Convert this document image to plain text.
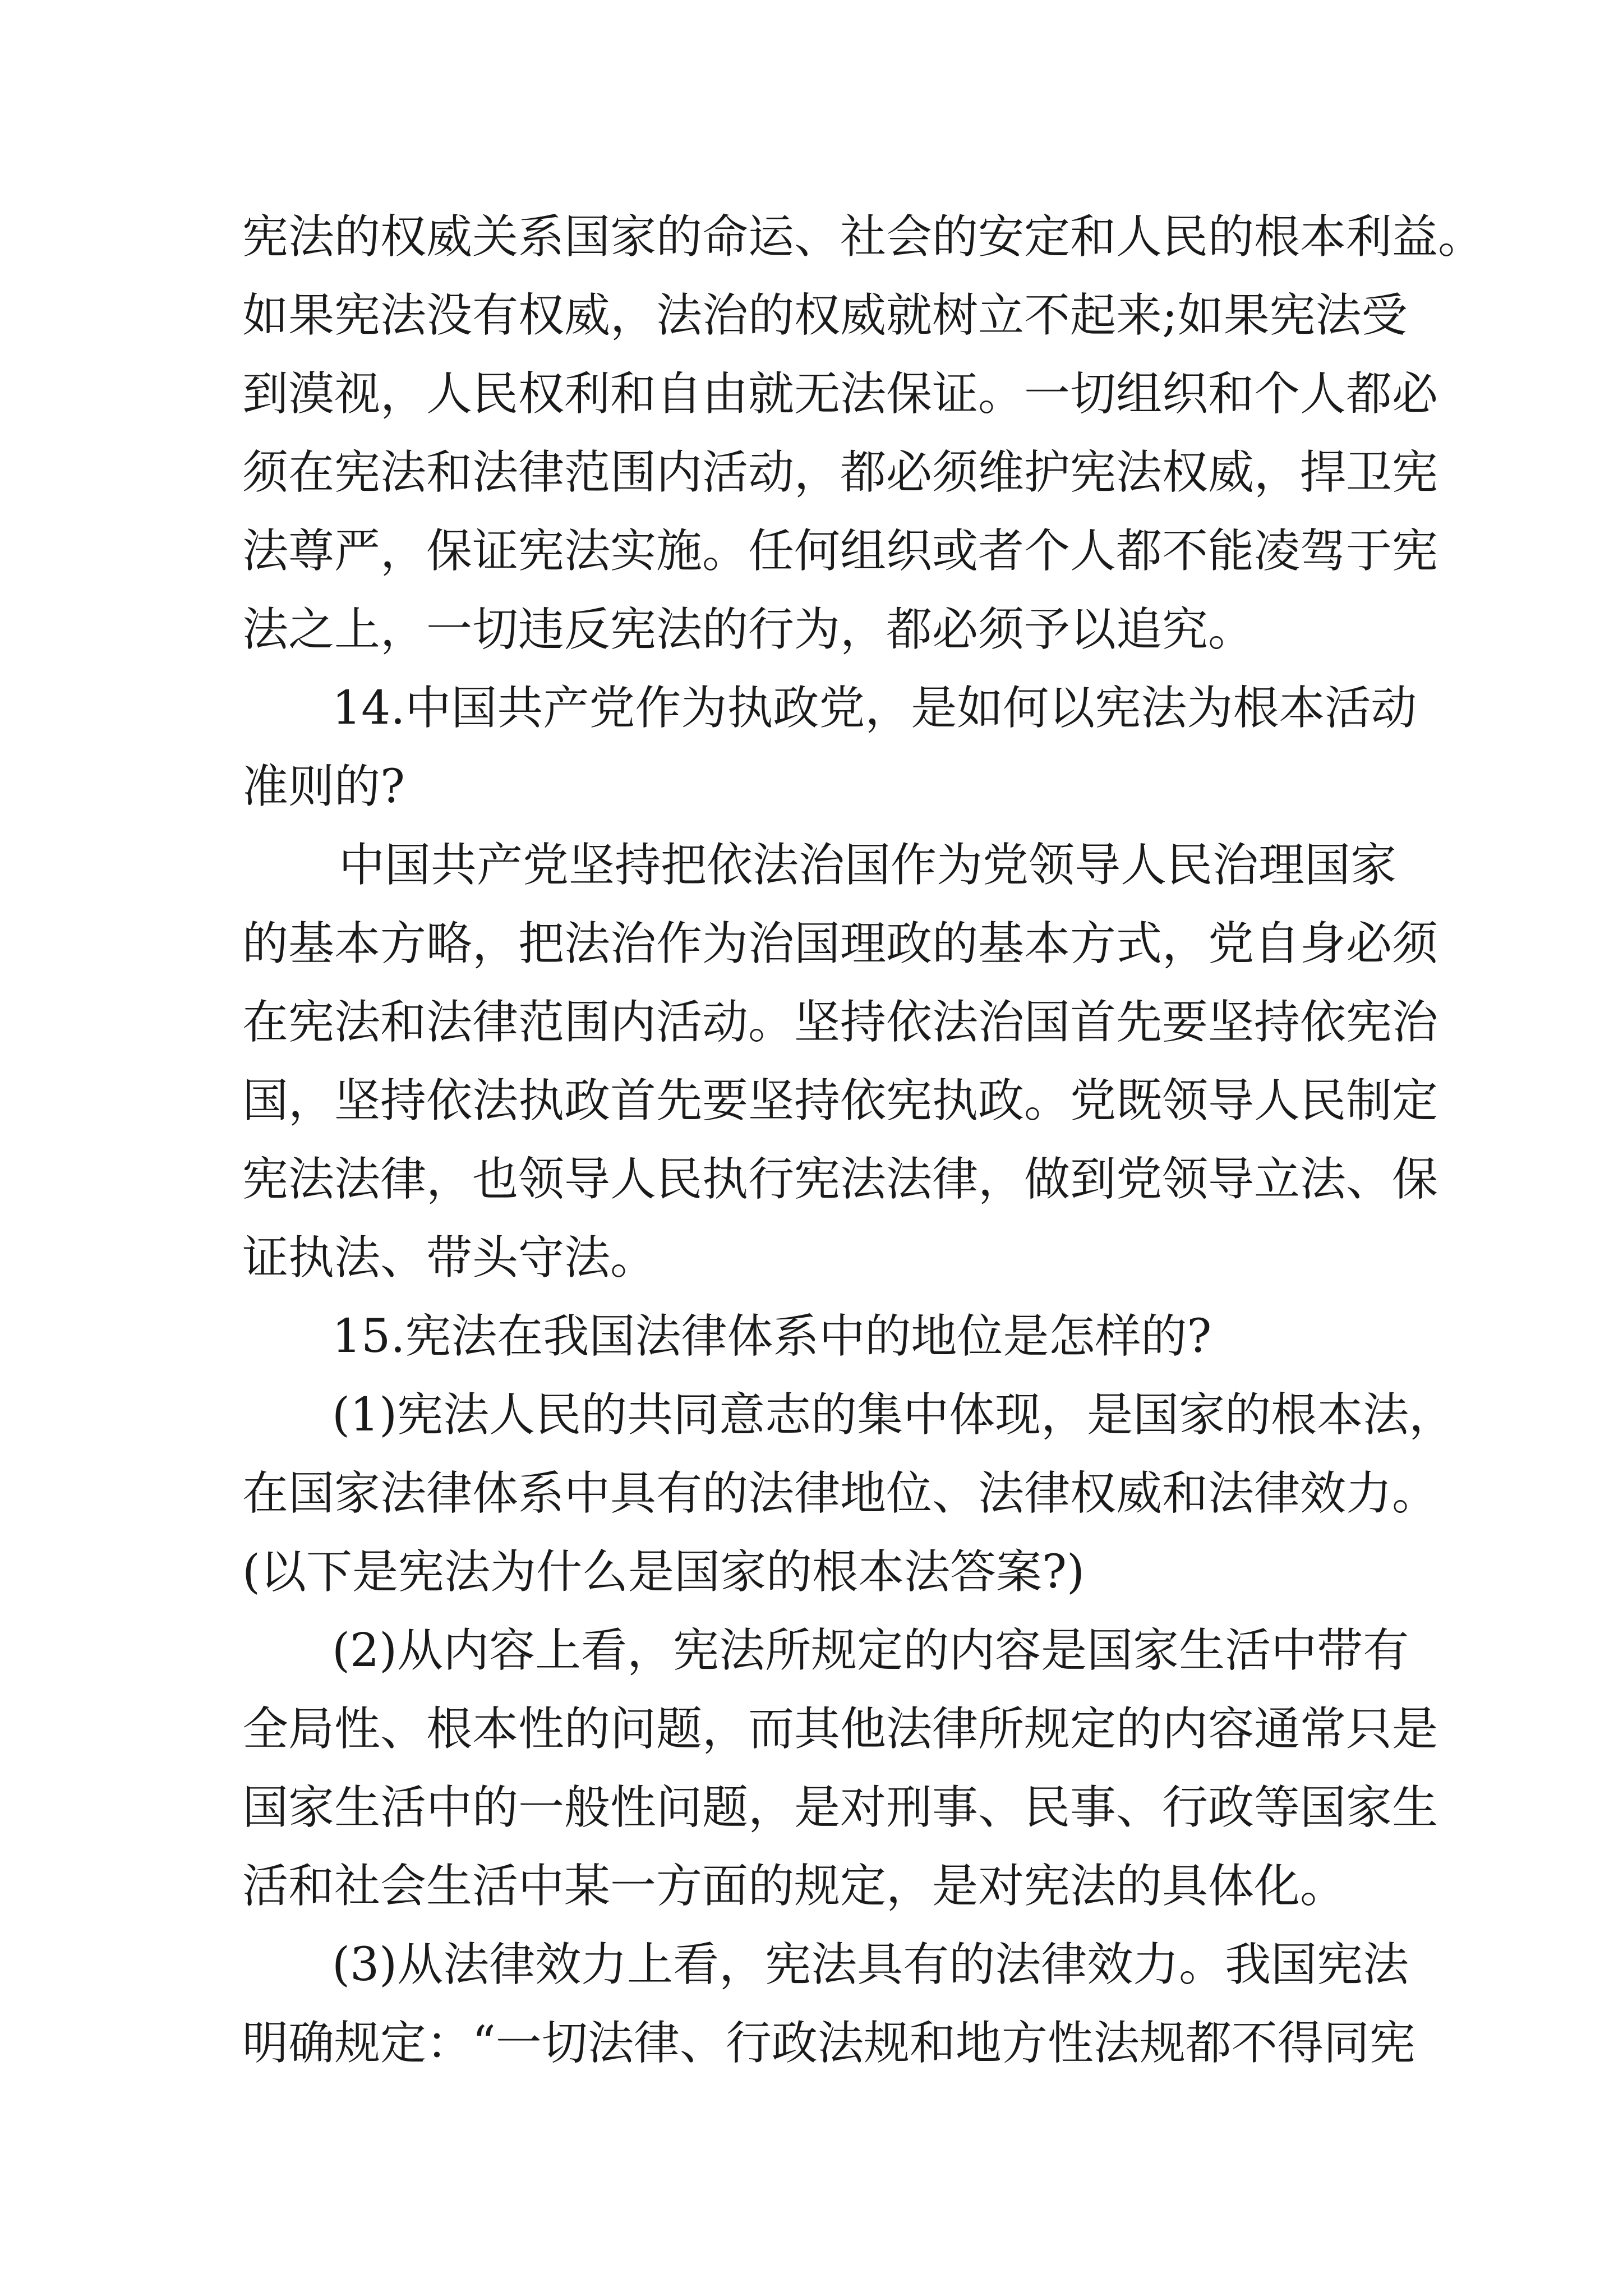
宪法的权威关系国家的命运、社会的安定和人民的根本利益。
如果宪法没有权威，法治的权威就树立不起来;如果宪法受
到漠视，人民权利和自由就无法保证。一切组织和个人都必
须在宪法和法律范围内活动，都必须维护宪法权威，捍卫宪
法尊严，保证宪法实施。任何组织或者个人都不能凌驾于宪
法之上，一切违反宪法的行为，都必须予以追究。
14.中国共产党作为执政党，是如何以宪法为根本活动
准则的?
中国共产党坚持把依法治国作为党领导人民治理国家
的基本方略，把法治作为治国理政的基本方式，党自身必须
在宪法和法律范围内活动。坚持依法治国首先要坚持依宪治
国，坚持依法执政首先要坚持依宪执政。党既领导人民制定
宪法法律，也领导人民执行宪法法律，做到党领导立法、保
证执法、带头守法。
15.宪法在我国法律体系中的地位是怎样的?
(1)宪法人民的共同意志的集中体现，是国家的根本法，
在国家法律体系中具有的法律地位、法律权威和法律效力。
(以下是宪法为什么是国家的根本法答案?)
(2)从内容上看，宪法所规定的内容是国家生活中带有
全局性、根本性的问题，而其他法律所规定的内容通常只是
国家生活中的一般性问题，是对刑事、民事、行政等国家生
活和社会生活中某一方面的规定，是对宪法的具体化。
(3)从法律效力上看，宪法具有的法律效力。我国宪法
明确规定：“一切法律、行政法规和地方性法规都不得同宪
